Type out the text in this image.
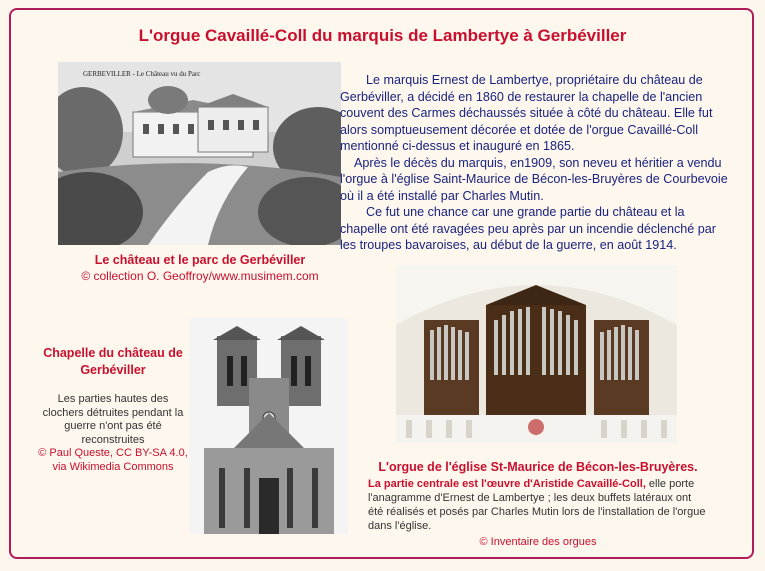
L'orgue Cavaillé-Coll du marquis de Lambertye à Gerbéviller
GERBEVILLER - Le Château vu du Parc	Le marquis Ernest de Lambertye, propriétaire du château de Gerbéviller, a décidé en 1860 de restaurer la chapelle de l'ancien couvent des Carmes déchaussés située à côté du château. Elle fut alors somptueusement décorée et dotée de l'orgue Cavaillé-Coll mentionné ci-dessus et inauguré en 1865.

Après le décès du marquis, en1909, son neveu et héritier a vendu l'orgue à l'église Saint-Maurice de Bécon-les-Bruyères de Courbevoie où il a été installé par Charles Mutin.

Ce fut une chance car une grande partie du château et la chapelle ont été ravagées peu après par un incendie déclenché par les troupes bavaroises, au début de la guerre, en août 1914.

Le château et le parc de Gerbéviller
© collection O. Geoffroy/www.musimem.com
Chapelle du château de Gerbéviller
Les parties hautes des clochers détruites pendant la guerre n'ont pas été reconstruites
© Paul Queste, CC BY-SA 4.0, via Wikimedia Commons	L'orgue de l'église St-Maurice de Bécon-les-Bruyères.
La partie centrale est l'œuvre d'Aristide Cavaillé-Coll, elle porte l'anagramme d'Ernest de Lambertye ; les deux buffets latéraux ont été réalisés et posés par Charles Mutin lors de l'installation de l'orgue dans l'église.
© Inventaire des orgues
